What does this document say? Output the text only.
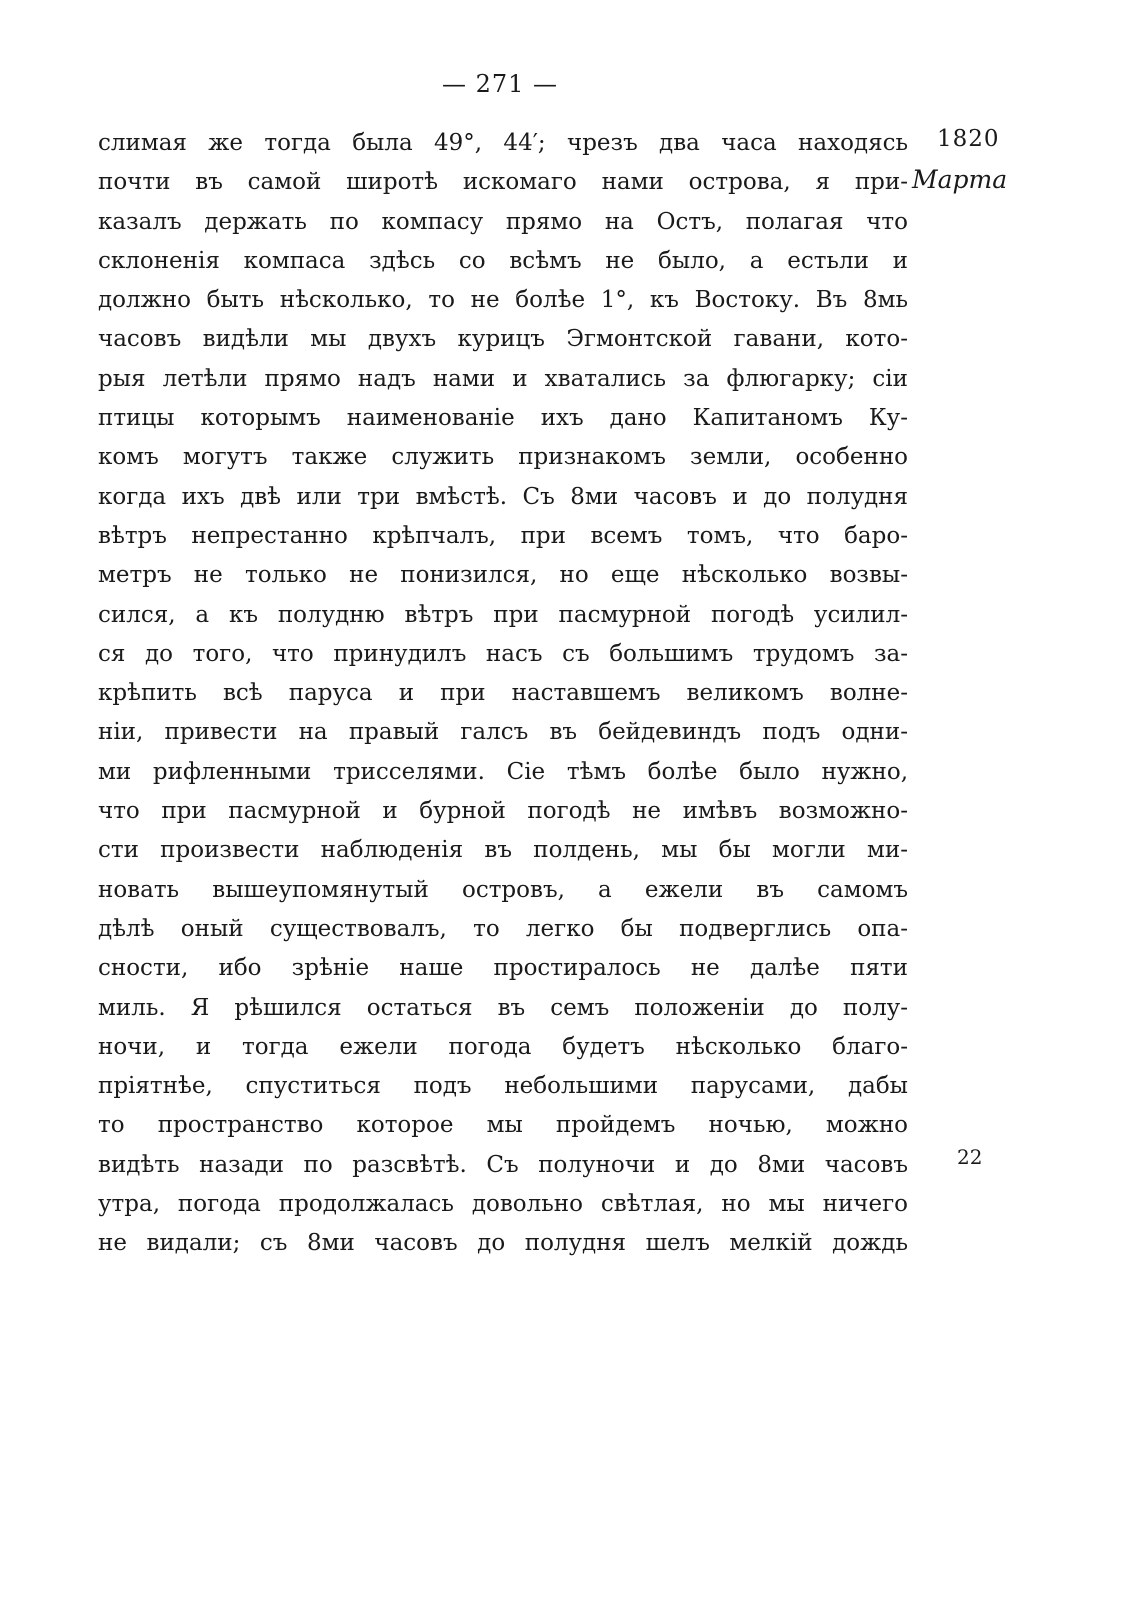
— 271 —
1820
Марта
22
слимая же тогда была 49°, 44′; чрезъ два часа находясь
почти въ самой широтѣ искомаго нами острова, я при-
казалъ держать по компасу прямо на Остъ, полагая что
склоненія компаса здѣсь со всѣмъ не было, а естьли и
должно быть нѣсколько, то не болѣе 1°, къ Востоку. Въ 8мь
часовъ видѣли мы двухъ курицъ Эгмонтской гавани, кото-
рыя летѣли прямо надъ нами и хватались за флюгарку; сіи
птицы которымъ наименованіе ихъ дано Капитаномъ Ку-
комъ могутъ также служить признакомъ земли, особенно
когда ихъ двѣ или три вмѣстѣ. Съ 8ми часовъ и до полудня
вѣтръ непрестанно крѣпчалъ, при всемъ томъ, что баро-
метръ не только не понизился, но еще нѣсколько возвы-
сился, а къ полудню вѣтръ при пасмурной погодѣ усилил-
ся до того, что принудилъ насъ съ большимъ трудомъ за-
крѣпить всѣ паруса и при наставшемъ великомъ волне-
ніи, привести на правый галсъ въ бейдевиндъ подъ одни-
ми рифленными трисселями. Сіе тѣмъ болѣе было нужно,
что при пасмурной и бурной погодѣ не имѣвъ возможно-
сти произвести наблюденія въ полдень, мы бы могли ми-
новать вышеупомянутый островъ, а ежели въ самомъ
дѣлѣ оный существовалъ, то легко бы подверглись опа-
сности, ибо зрѣніе наше простиралось не далѣе пяти
миль. Я рѣшился остаться въ семъ положеніи до полу-
ночи, и тогда ежели погода будетъ нѣсколько благо-
пріятнѣе, спуститься подъ небольшими парусами, дабы
то пространство которое мы пройдемъ ночью, можно
видѣть назади по разсвѣтѣ. Съ полуночи и до 8ми часовъ
утра, погода продолжалась довольно свѣтлая, но мы ничего
не видали; съ 8ми часовъ до полудня шелъ мелкій дождь
